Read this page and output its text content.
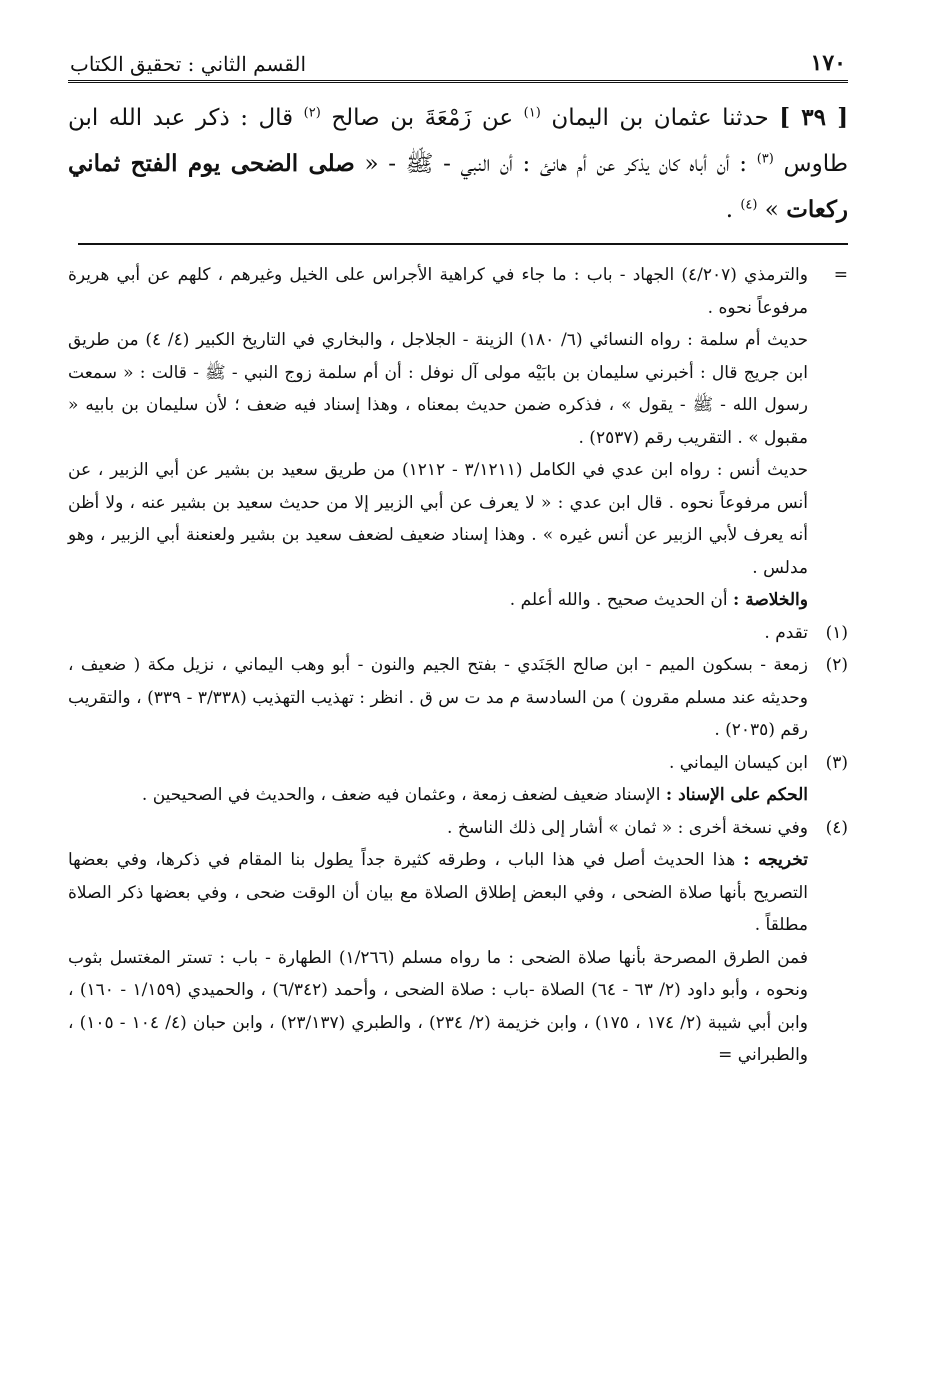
١٧٠
القسم الثاني : تحقيق الكتاب
[ ٣٩ ] حدثنا عثمان بن اليمان $^{(١)}$ عن زَمْعَةَ بن صالح $^{(٢)}$ قال : ذكر عبد الله ابن طاوس $^{(٣)}$ : أن أباه كان يذكر عن أم هانئ : أن النبي - ﷺ - « صلى الضحى يوم الفتح ثماني ركعات » $^{(٤)}$ .
=
والترمذي (٤/٢٠٧) الجهاد - باب : ما جاء في كراهية الأجراس على الخيل وغيرهم ، كلهم عن أبي هريرة مرفوعاً نحوه .

حديث أم سلمة : رواه النسائي (٦/ ١٨٠) الزينة - الجلاجل ، والبخاري في التاريخ الكبير (٤/ ٤) من طريق ابن جريج قال : أخبرني سليمان بن بابَيْه مولى آل نوفل : أن أم سلمة زوج النبي - ﷺ - قالت : « سمعت رسول الله - ﷺ - يقول » ، فذكره ضمن حديث بمعناه ، وهذا إسناد فيه ضعف ؛ لأن سليمان بن بابيه « مقبول » . التقريب رقم (٢٥٣٧) .

حديث أنس : رواه ابن عدي في الكامل (٣/١٢١١ - ١٢١٢) من طريق سعيد بن بشير عن أبي الزبير ، عن أنس مرفوعاً نحوه . قال ابن عدي : « لا يعرف عن أبي الزبير إلا من حديث سعيد بن بشير عنه ، ولا أظن أنه يعرف لأبي الزبير عن أنس غيره » . وهذا إسناد ضعيف لضعف سعيد بن بشير ولعنعنة أبي الزبير ، وهو مدلس .

والخلاصة : أن الحديث صحيح . والله أعلم .

(١)
تقدم .
(٢)
زمعة - بسكون الميم - ابن صالح الجَنَدي - بفتح الجيم والنون - أبو وهب اليماني ، نزيل مكة ( ضعيف ، وحديثه عند مسلم مقرون ) من السادسة م مد ت س ق . انظر : تهذيب التهذيب (٣/٣٣٨ - ٣٣٩) ، والتقريب رقم (٢٠٣٥) .
(٣)
ابن كيسان اليماني .

الحكم على الإسناد : الإسناد ضعيف لضعف زمعة ، وعثمان فيه ضعف ، والحديث في الصحيحين .

(٤)
وفي نسخة أخرى : « ثمان » أشار إلى ذلك الناسخ .

تخريجه : هذا الحديث أصل في هذا الباب ، وطرقه كثيرة جداً يطول بنا المقام في ذكرها، وفي بعضها التصريح بأنها صلاة الضحى ، وفي البعض إطلاق الصلاة مع بيان أن الوقت ضحى ، وفي بعضها ذكر الصلاة مطلقاً .

فمن الطرق المصرحة بأنها صلاة الضحى : ما رواه مسلم (١/٢٦٦) الطهارة - باب : تستر المغتسل بثوب ونحوه ، وأبو داود (٢/ ٦٣ - ٦٤) الصلاة -باب : صلاة الضحى ، وأحمد (٦/٣٤٢) ، والحميدي (١/١٥٩ - ١٦٠) ، وابن أبي شيبة (٢/ ١٧٤ ، ١٧٥) ، وابن خزيمة (٢/ ٢٣٤) ، والطبري (٢٣/١٣٧) ، وابن حبان (٤/ ١٠٤ - ١٠٥) ، والطبراني =
